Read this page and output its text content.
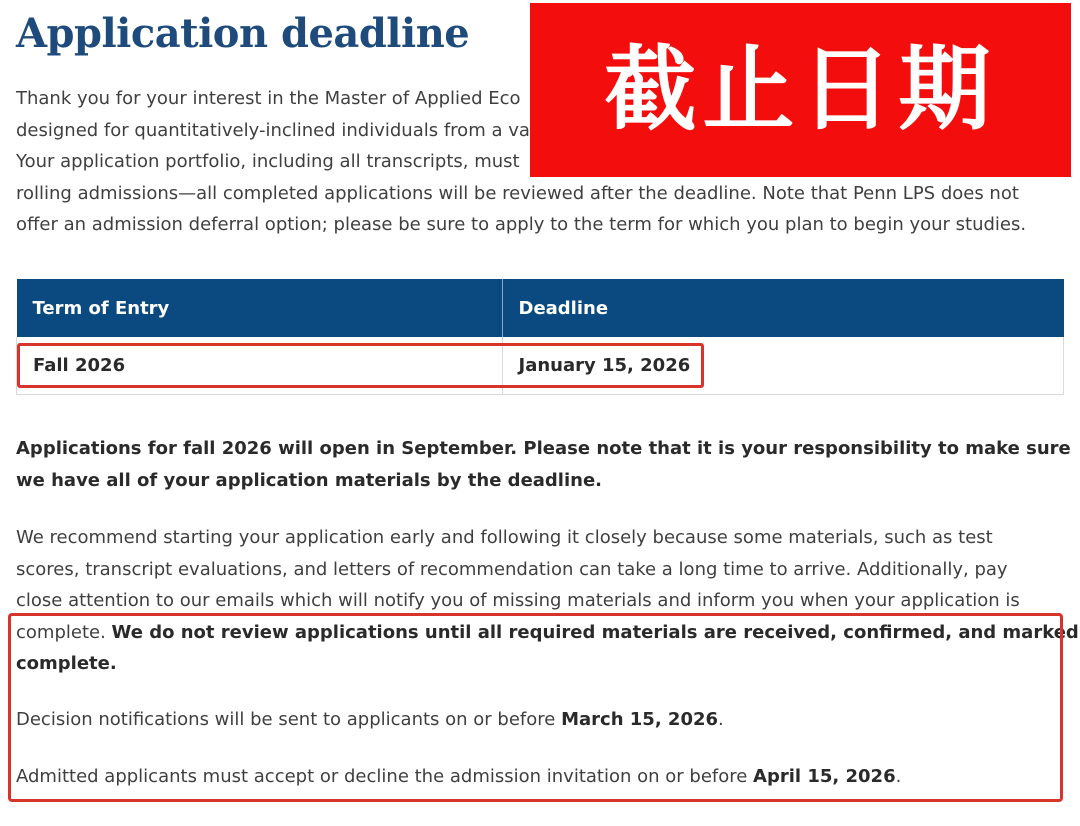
Application deadline

Thank you for your interest in the Master of Applied Eco
designed for quantitatively-inclined individuals from a va
Your application portfolio, including all transcripts, must
rolling admissions—all completed applications will be reviewed after the deadline. Note that Penn LPS does not
offer an admission deferral option; please be sure to apply to the term for which you plan to begin your studies.

截止日期
Term of Entry	Deadline
Fall 2026	January 15, 2026

Applications for fall 2026 will open in September. Please note that it is your responsibility to make sure
we have all of your application materials by the deadline.

We recommend starting your application early and following it closely because some materials, such as test
scores, transcript evaluations, and letters of recommendation can take a long time to arrive. Additionally, pay
close attention to our emails which will notify you of missing materials and inform you when your application is
complete. We do not review applications until all required materials are received, confirmed, and marked
complete.

Decision notifications will be sent to applicants on or before March 15, 2026.

Admitted applicants must accept or decline the admission invitation on or before April 15, 2026.
